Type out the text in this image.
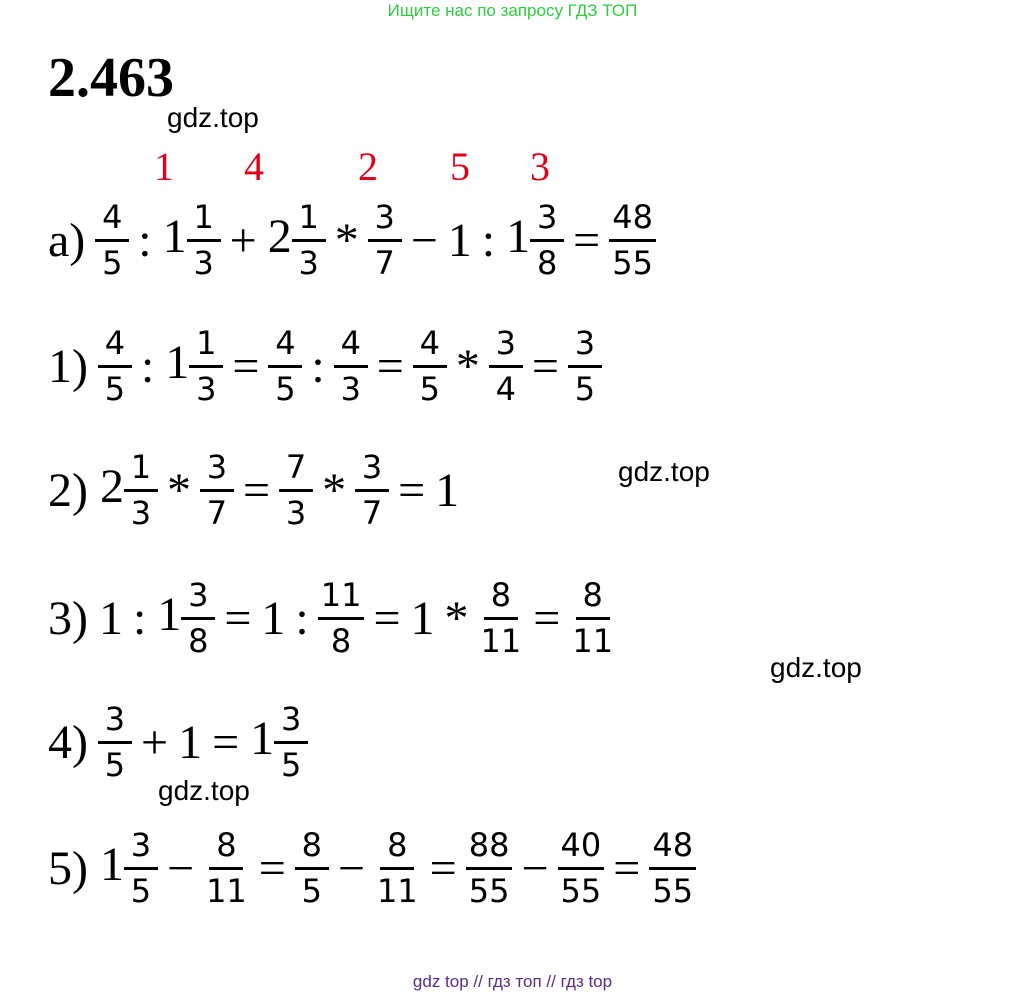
Ищите нас по запросу ГДЗ ТОП
2.463
gdz.top
gdz.top
gdz.top
gdz.top
1 4 2 5 3
$a) \frac{4}{5}$ : $1 \frac{1}{3} + 2 \frac{1}{3} * \frac{3}{7} - 1$ : $1 \frac{3}{8} = \frac{48}{55}$
$1) \frac{4}{5}$ : $1 \frac{1}{3} = \frac{4}{5}$ : $\frac{4}{3} = \frac{4}{5} * \frac{3}{4} = \frac{3}{5}$
2) $2 \frac{1}{3} * \frac{3}{7} = \frac{7}{3} * \frac{3}{7} = 1$
3) 1 : $1 \frac{3}{8} = 1$ : $\frac{11}{8} = 1 * \frac{8}{11} = \frac{8}{11}$
$4) \frac{3}{5} + 1 = 1 \frac{3}{5}$
5) $1 \frac{3}{5} - \frac{8}{11} = \frac{8}{5} - \frac{8}{11} = \frac{88}{55} - \frac{40}{55} = \frac{48}{55}$
gdz top // гдз топ // гдз top
